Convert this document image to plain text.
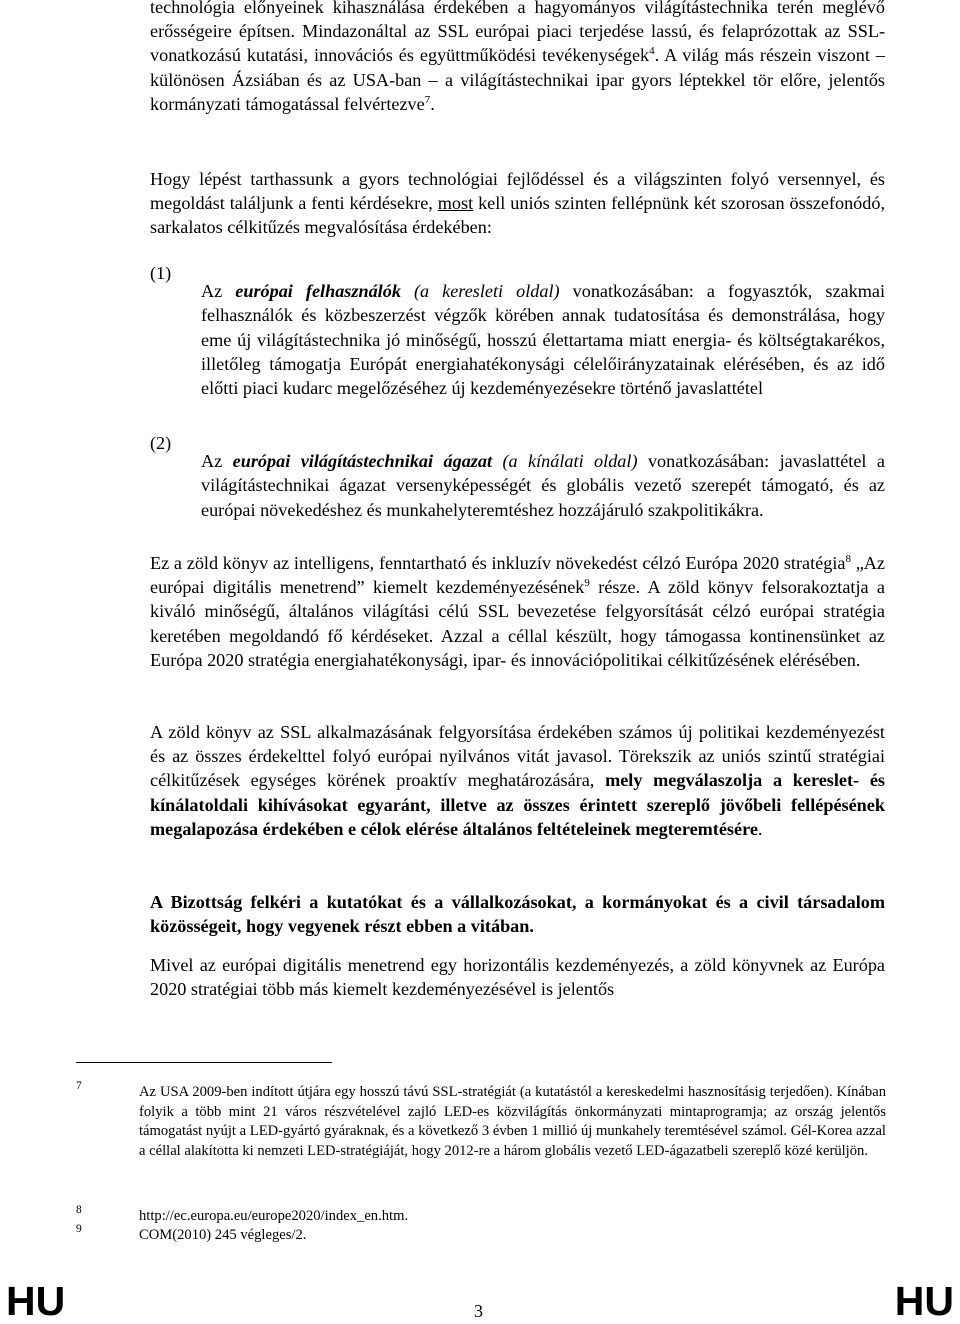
technológia előnyeinek kihasználása érdekében a hagyományos világítástechnika terén meglévő erősségeire építsen. Mindazonáltal az SSL európai piaci terjedése lassú, és felaprózottak az SSL-vonatkozású kutatási, innovációs és együttműködési tevékenységek$^4$. A világ más részein viszont – különösen Ázsiában és az USA-ban – a világítástechnikai ipar gyors léptekkel tör előre, jelentős kormányzati támogatással felvértezve$^7$.

Hogy lépést tarthassunk a gyors technológiai fejlődéssel és a világszinten folyó versennyel, és megoldást találjunk a fenti kérdésekre, most kell uniós szinten fellépnünk két szorosan összefonódó, sarkalatos célkitűzés megvalósítása érdekében:

(1)

Az európai felhasználók (a keresleti oldal) vonatkozásában: a fogyasztók, szakmai felhasználók és közbeszerzést végzők körében annak tudatosítása és demonstrálása, hogy eme új világítástechnika jó minőségű, hosszú élettartama miatt energia- és költségtakarékos, illetőleg támogatja Európát energiahatékonysági célelőirányzatainak elérésében, és az idő előtti piaci kudarc megelőzéséhez új kezdeményezésekre történő javaslattétel

(2)

Az európai világítástechnikai ágazat (a kínálati oldal) vonatkozásában: javaslattétel a világítástechnikai ágazat versenyképességét és globális vezető szerepét támogató, és az európai növekedéshez és munkahelyteremtéshez hozzájáruló szakpolitikákra.

Ez a zöld könyv az intelligens, fenntartható és inkluzív növekedést célzó Európa 2020 stratégia$^8$ „Az európai digitális menetrend” kiemelt kezdeményezésének$^9$ része. A zöld könyv felsorakoztatja a kiváló minőségű, általános világítási célú SSL bevezetése felgyorsítását célzó európai stratégia keretében megoldandó fő kérdéseket. Azzal a céllal készült, hogy támogassa kontinensünket az Európa 2020 stratégia energiahatékonysági, ipar- és innovációpolitikai célkitűzésének elérésében.

A zöld könyv az SSL alkalmazásának felgyorsítása érdekében számos új politikai kezdeményezést és az összes érdekelttel folyó európai nyilvános vitát javasol. Törekszik az uniós szintű stratégiai célkitűzések egységes körének proaktív meghatározására, mely megválaszolja a kereslet- és kínálatoldali kihívásokat egyaránt, illetve az összes érintett szereplő jövőbeli fellépésének megalapozása érdekében e célok elérése általános feltételeinek megteremtésére.

A Bizottság felkéri a kutatókat és a vállalkozásokat, a kormányokat és a civil társadalom közösségeit, hogy vegyenek részt ebben a vitában.

Mivel az európai digitális menetrend egy horizontális kezdeményezés, a zöld könyvnek az Európa 2020 stratégiai több más kiemelt kezdeményezésével is jelentős

7	Az USA 2009-ben indított útjára egy hosszú távú SSL-stratégiát (a kutatástól a kereskedelmi hasznosításig terjedően). Kínában folyik a több mint 21 város részvételével zajló LED-es közvilágítás önkormányzati mintaprogramja; az ország jelentős támogatást nyújt a LED-gyártó gyáraknak, és a következő 3 évben 1 millió új munkahely teremtésével számol. Gél-Korea azzal a céllal alakította ki nemzeti LED-stratégiáját, hogy 2012-re a három globális vezető LED-ágazatbeli szereplő közé kerüljön.
8	http://ec.europa.eu/europe2020/index_en.htm.
9	COM(2010) 245 végleges/2.
HU	3	HU
